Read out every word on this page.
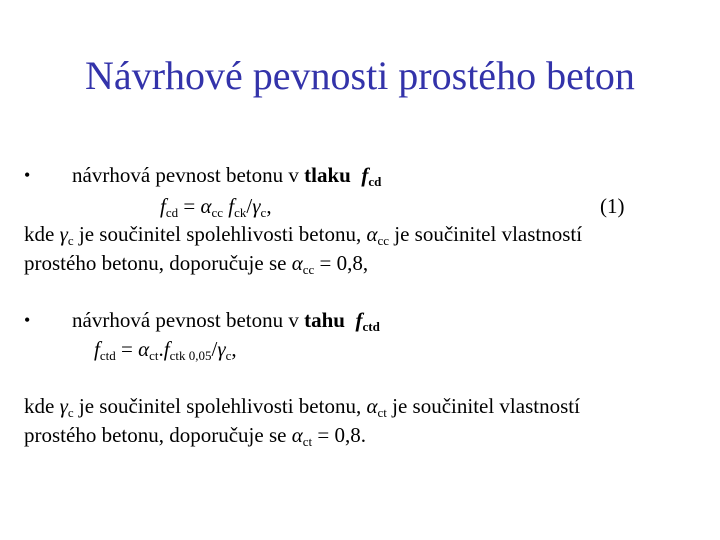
Návrhové pevnosti prostého beton
• návrhová pevnost betonu v tlaku $f_{cd}$
$f_{cd} = \alpha_{cc}$ $f_{ck}/\gamma_c$,	(1)
kde $\gamma_c$ je součinitel spolehlivosti betonu, $\alpha_{cc}$ je součinitel vlastností
prostého betonu, doporučuje se $\alpha_{cc} = 0,8$,
• návrhová pevnost betonu v tahu $f_{ctd}$
$f_{ctd} = \alpha_{ct}.f_{ctk 0,05}/\gamma_c$,
kde $\gamma_c$ je součinitel spolehlivosti betonu, $\alpha_{ct}$ je součinitel vlastností
prostého betonu, doporučuje se $\alpha_{ct} = 0,8$.
